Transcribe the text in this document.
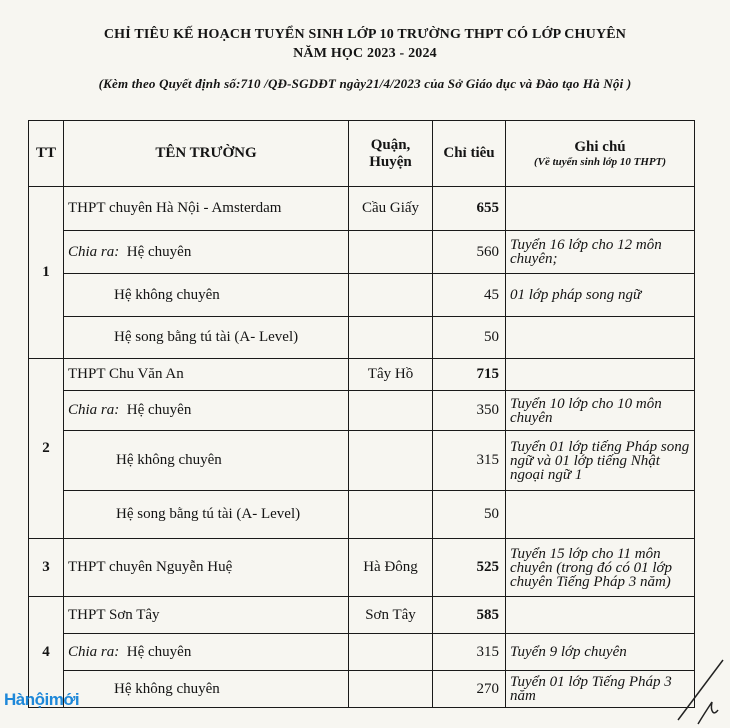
CHỈ TIÊU KẾ HOẠCH TUYỂN SINH LỚP 10 TRƯỜNG THPT CÓ LỚP CHUYÊN
NĂM HỌC 2023 - 2024
(Kèm theo Quyết định số:710 /QĐ-SGDĐT ngày21/4/2023 của Sở Giáo dục và Đào tạo Hà Nội )
TT	TÊN TRƯỜNG	Quận, Huyện	Chỉ tiêu	Ghi chú
(Về tuyển sinh lớp 10 THPT)

1	THPT chuyên Hà Nội - Amsterdam	Cầu Giấy	655	
	Chia ra: Hệ chuyên		560	Tuyển 16 lớp cho 12 môn chuyên;
	Hệ không chuyên		45	01 lớp pháp song ngữ
	Hệ song bằng tú tài (A- Level)		50	
2	THPT Chu Văn An	Tây Hồ	715	
	Chia ra: Hệ chuyên		350	Tuyển 10 lớp cho 10 môn chuyên
	Hệ không chuyên		315	Tuyển 01 lớp tiếng Pháp song ngữ và 01 lớp tiếng Nhật ngoại ngữ 1
	Hệ song bằng tú tài (A- Level)		50	
3	THPT chuyên Nguyễn Huệ	Hà Đông	525	Tuyển 15 lớp cho 11 môn chuyên (trong đó có 01 lớp chuyên Tiếng Pháp 3 năm)
4	THPT Sơn Tây	Sơn Tây	585	
	Chia ra: Hệ chuyên		315	Tuyển 9 lớp chuyên
	Hệ không chuyên		270	Tuyển 01 lớp Tiếng Pháp 3 năm
Hànộimới
